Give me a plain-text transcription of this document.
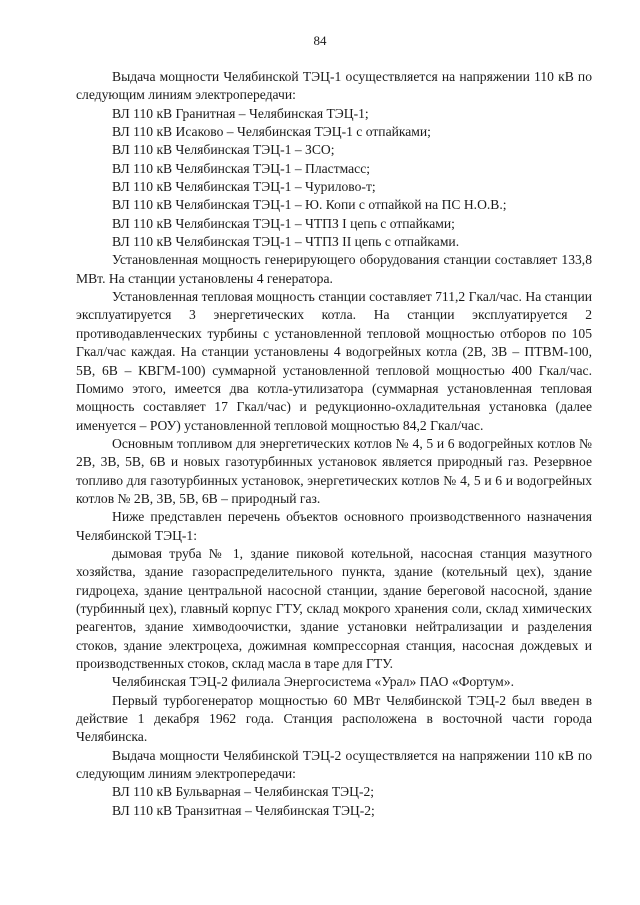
84

Выдача мощности Челябинской ТЭЦ-1 осуществляется на напряжении 110 кВ по следующим линиям электропередачи:

ВЛ 110 кВ Гранитная – Челябинская ТЭЦ-1;

ВЛ 110 кВ Исаково – Челябинская ТЭЦ-1 с отпайками;

ВЛ 110 кВ Челябинская ТЭЦ-1 – ЗСО;

ВЛ 110 кВ Челябинская ТЭЦ-1 – Пластмасс;

ВЛ 110 кВ Челябинская ТЭЦ-1 – Чурилово-т;

ВЛ 110 кВ Челябинская ТЭЦ-1 – Ю. Копи с отпайкой на ПС Н.О.В.;

ВЛ 110 кВ Челябинская ТЭЦ-1 – ЧТПЗ I цепь с отпайками;

ВЛ 110 кВ Челябинская ТЭЦ-1 – ЧТПЗ II цепь с отпайками.

Установленная мощность генерирующего оборудования станции составляет 133,8 МВт. На станции установлены 4 генератора.

Установленная тепловая мощность станции составляет 711,2 Гкал/час. На станции эксплуатируется 3 энергетических котла. На станции эксплуатируется 2 противодавленческих турбины с установленной тепловой мощностью отборов по 105 Гкал/час каждая. На станции установлены 4 водогрейных котла (2В, 3В – ПТВМ-100, 5В, 6В – КВГМ-100) суммарной установленной тепловой мощностью 400 Гкал/час. Помимо этого, имеется два котла-утилизатора (суммарная установленная тепловая мощность составляет 17 Гкал/час) и редукционно-охладительная установка (далее именуется – РОУ) установленной тепловой мощностью 84,2 Гкал/час.

Основным топливом для энергетических котлов № 4, 5 и 6 водогрейных котлов № 2В, 3В, 5В, 6В и новых газотурбинных установок является природный газ. Резервное топливо для газотурбинных установок, энергетических котлов № 4, 5 и 6 и водогрейных котлов № 2В, 3В, 5В, 6В – природный газ.

Ниже представлен перечень объектов основного производственного назначения Челябинской ТЭЦ-1:

дымовая труба № 1, здание пиковой котельной, насосная станция мазутного хозяйства, здание газораспределительного пункта, здание (котельный цех), здание гидроцеха, здание центральной насосной станции, здание береговой насосной, здание (турбинный цех), главный корпус ГТУ, склад мокрого хранения соли, склад химических реагентов, здание химводоочистки, здание установки нейтрализации и разделения стоков, здание электроцеха, дожимная компрессорная станция, насосная дождевых и производственных стоков, склад масла в таре для ГТУ.

Челябинская ТЭЦ-2 филиала Энергосистема «Урал» ПАО «Фортум».

Первый турбогенератор мощностью 60 МВт Челябинской ТЭЦ-2 был введен в действие 1 декабря 1962 года. Станция расположена в восточной части города Челябинска.

Выдача мощности Челябинской ТЭЦ-2 осуществляется на напряжении 110 кВ по следующим линиям электропередачи:

ВЛ 110 кВ Бульварная – Челябинская ТЭЦ-2;

ВЛ 110 кВ Транзитная – Челябинская ТЭЦ-2;
